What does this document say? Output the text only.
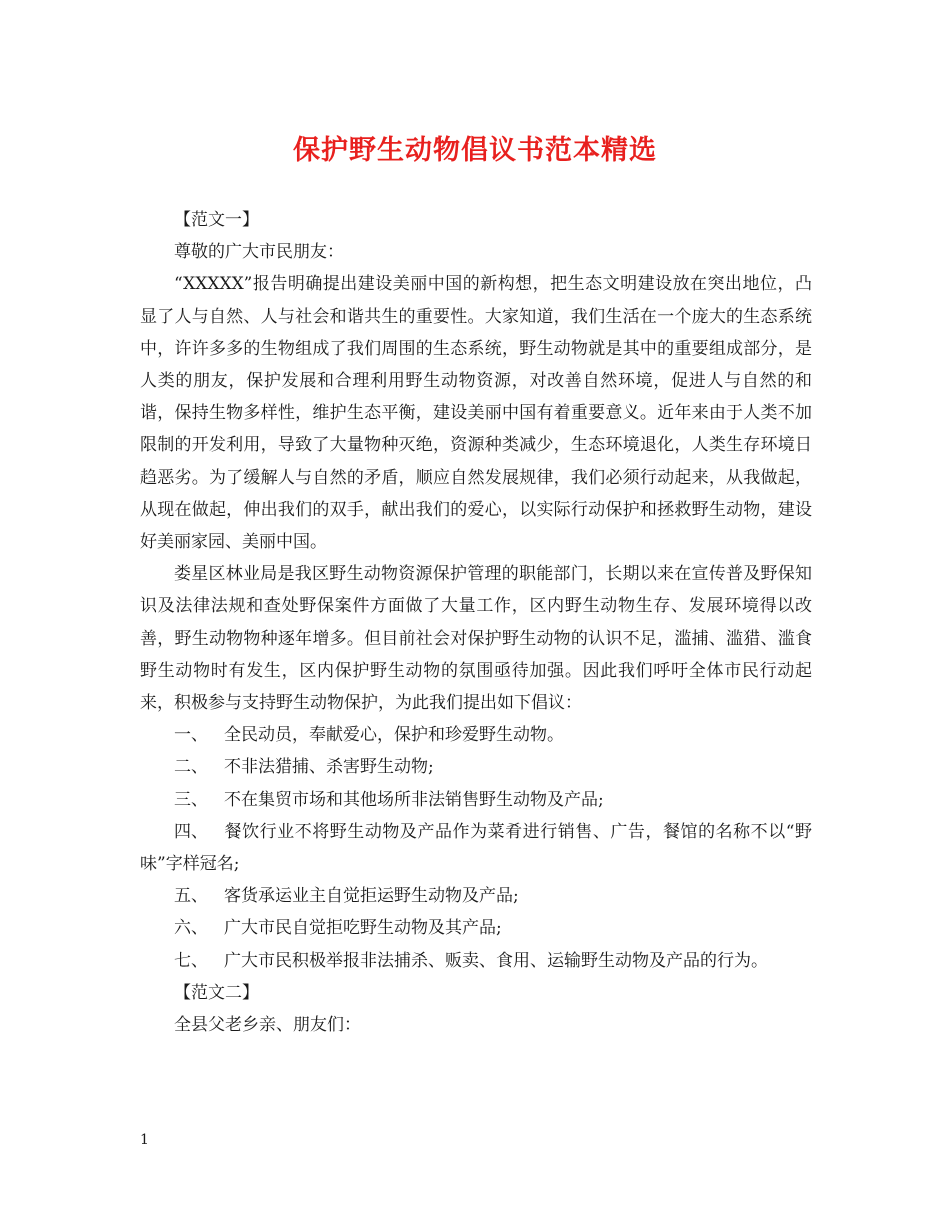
保护野生动物倡议书范本精选

【范文一】

尊敬的广大市民朋友：

“XXXXX”报告明确提出建设美丽中国的新构想，把生态文明建设放在突出地位，凸显了人与自然、人与社会和谐共生的重要性。大家知道，我们生活在一个庞大的生态系统中，许许多多的生物组成了我们周围的生态系统，野生动物就是其中的重要组成部分，是人类的朋友，保护发展和合理利用野生动物资源，对改善自然环境，促进人与自然的和谐，保持生物多样性，维护生态平衡，建设美丽中国有着重要意义。近年来由于人类不加限制的开发利用，导致了大量物种灭绝，资源种类减少，生态环境退化，人类生存环境日趋恶劣。为了缓解人与自然的矛盾，顺应自然发展规律，我们必须行动起来，从我做起，从现在做起，伸出我们的双手，献出我们的爱心，以实际行动保护和拯救野生动物，建设好美丽家园、美丽中国。

娄星区林业局是我区野生动物资源保护管理的职能部门，长期以来在宣传普及野保知识及法律法规和查处野保案件方面做了大量工作，区内野生动物生存、发展环境得以改善，野生动物物种逐年增多。但目前社会对保护野生动物的认识不足，滥捕、滥猎、滥食野生动物时有发生，区内保护野生动物的氛围亟待加强。因此我们呼吁全体市民行动起来，积极参与支持野生动物保护，为此我们提出如下倡议：

一、 全民动员，奉献爱心，保护和珍爱野生动物。

二、 不非法猎捕、杀害野生动物;

三、 不在集贸市场和其他场所非法销售野生动物及产品;

四、 餐饮行业不将野生动物及产品作为菜肴进行销售、广告，餐馆的名称不以“野味”字样冠名;

五、 客货承运业主自觉拒运野生动物及产品;

六、 广大市民自觉拒吃野生动物及其产品;

七、 广大市民积极举报非法捕杀、贩卖、食用、运输野生动物及产品的行为。

【范文二】

全县父老乡亲、朋友们：

1
